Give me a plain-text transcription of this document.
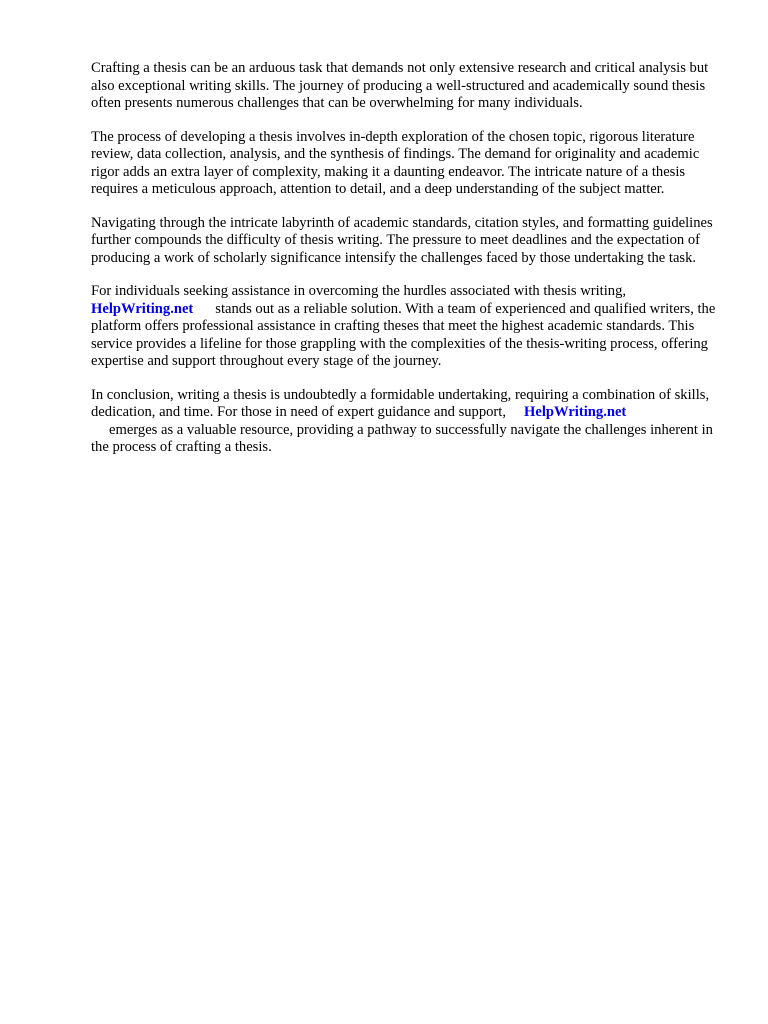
Crafting a thesis can be an arduous task that demands not only extensive research and critical analysis but also exceptional writing skills. The journey of producing a well-structured and academically sound thesis often presents numerous challenges that can be overwhelming for many individuals.

The process of developing a thesis involves in-depth exploration of the chosen topic, rigorous literature review, data collection, analysis, and the synthesis of findings. The demand for originality and academic rigor adds an extra layer of complexity, making it a daunting endeavor. The intricate nature of a thesis requires a meticulous approach, attention to detail, and a deep understanding of the subject matter.

Navigating through the intricate labyrinth of academic standards, citation styles, and formatting guidelines further compounds the difficulty of thesis writing. The pressure to meet deadlines and the expectation of producing a work of scholarly significance intensify the challenges faced by those undertaking the task.

For individuals seeking assistance in overcoming the hurdles associated with thesis writing,
HelpWriting.net stands out as a reliable solution. With a team of experienced and qualified writers, the platform offers professional assistance in crafting theses that meet the highest academic standards. This service provides a lifeline for those grappling with the complexities of the thesis-writing process, offering expertise and support throughout every stage of the journey.

In conclusion, writing a thesis is undoubtedly a formidable undertaking, requiring a combination of skills, dedication, and time. For those in need of expert guidance and support, HelpWriting.net
emerges as a valuable resource, providing a pathway to successfully navigate the challenges inherent in the process of crafting a thesis.
